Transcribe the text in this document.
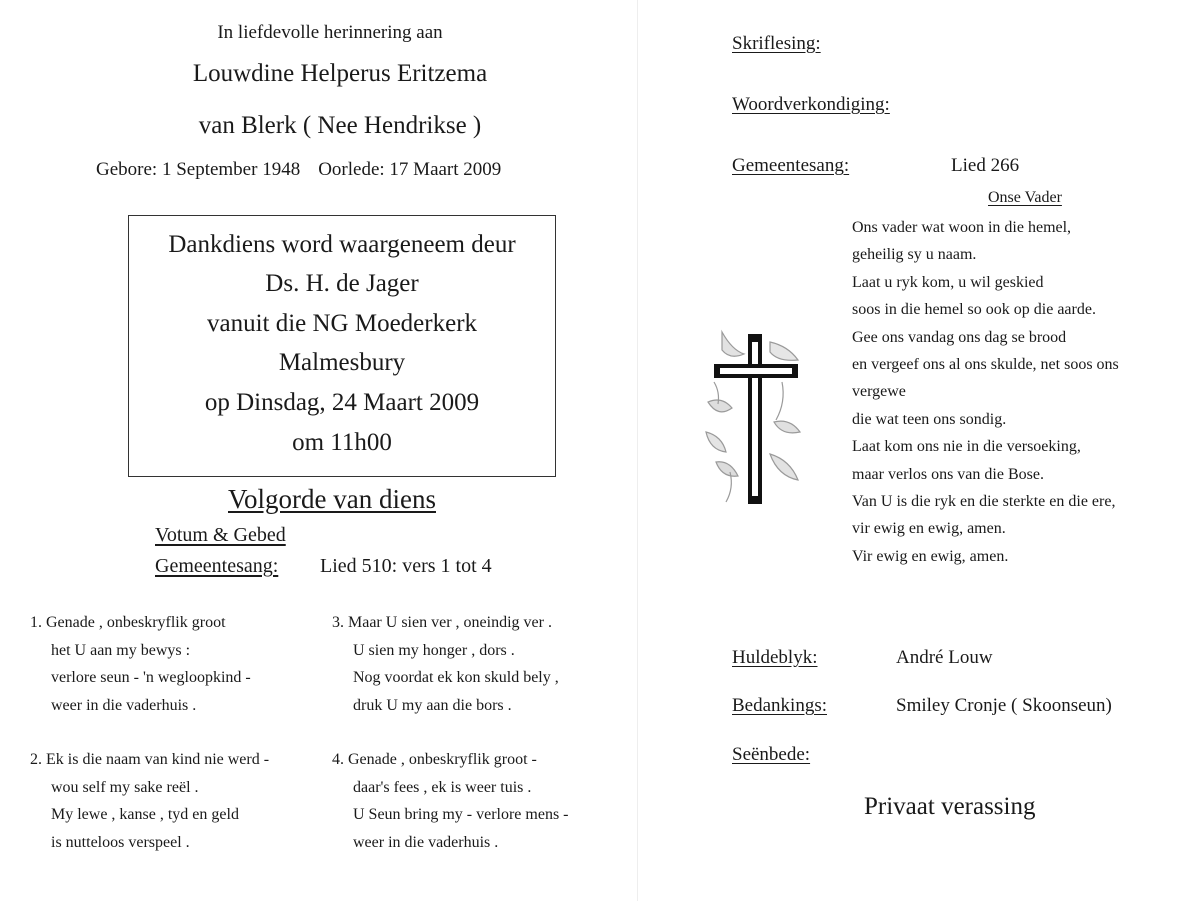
In liefdevolle herinnering aan
Louwdine Helperus Eritzema
van Blerk ( Nee Hendrikse )
Gebore: 1 September 1948 Oorlede: 17 Maart 2009
Dankdiens word waargeneem deur
Ds. H. de Jager
vanuit die NG Moederkerk
Malmesbury
op Dinsdag, 24 Maart 2009
om 11h00
Volgorde van diens
Votum & Gebed
Gemeentesang: Lied 510: vers 1 tot 4
1. Genade , onbeskryflik groot
het U aan my bewys :
verlore seun - 'n wegloopkind -
weer in die vaderhuis .
3. Maar U sien ver , oneindig ver .
U sien my honger , dors .
Nog voordat ek kon skuld bely ,
druk U my aan die bors .
2. Ek is die naam van kind nie werd -
wou self my sake reël .
My lewe , kanse , tyd en geld
is nutteloos verspeel .
4. Genade , onbeskryflik groot -
daar's fees , ek is weer tuis .
U Seun bring my - verlore mens -
weer in die vaderhuis .
Skriflesing:
Woordverkondiging:
Gemeentesang:	Lied 266
Onse Vader
Ons vader wat woon in die hemel,
geheilig sy u naam.
Laat u ryk kom, u wil geskied
soos in die hemel so ook op die aarde.
Gee ons vandag ons dag se brood
en vergeef ons al ons skulde, net soos ons
vergewe
die wat teen ons sondig.
Laat kom ons nie in die versoeking,
maar verlos ons van die Bose.
Van U is die ryk en die sterkte en die ere,
vir ewig en ewig, amen.
Vir ewig en ewig, amen.
Huldeblyk:	André Louw
Bedankings:	Smiley Cronje ( Skoonseun)
Seënbede:
Privaat verassing
